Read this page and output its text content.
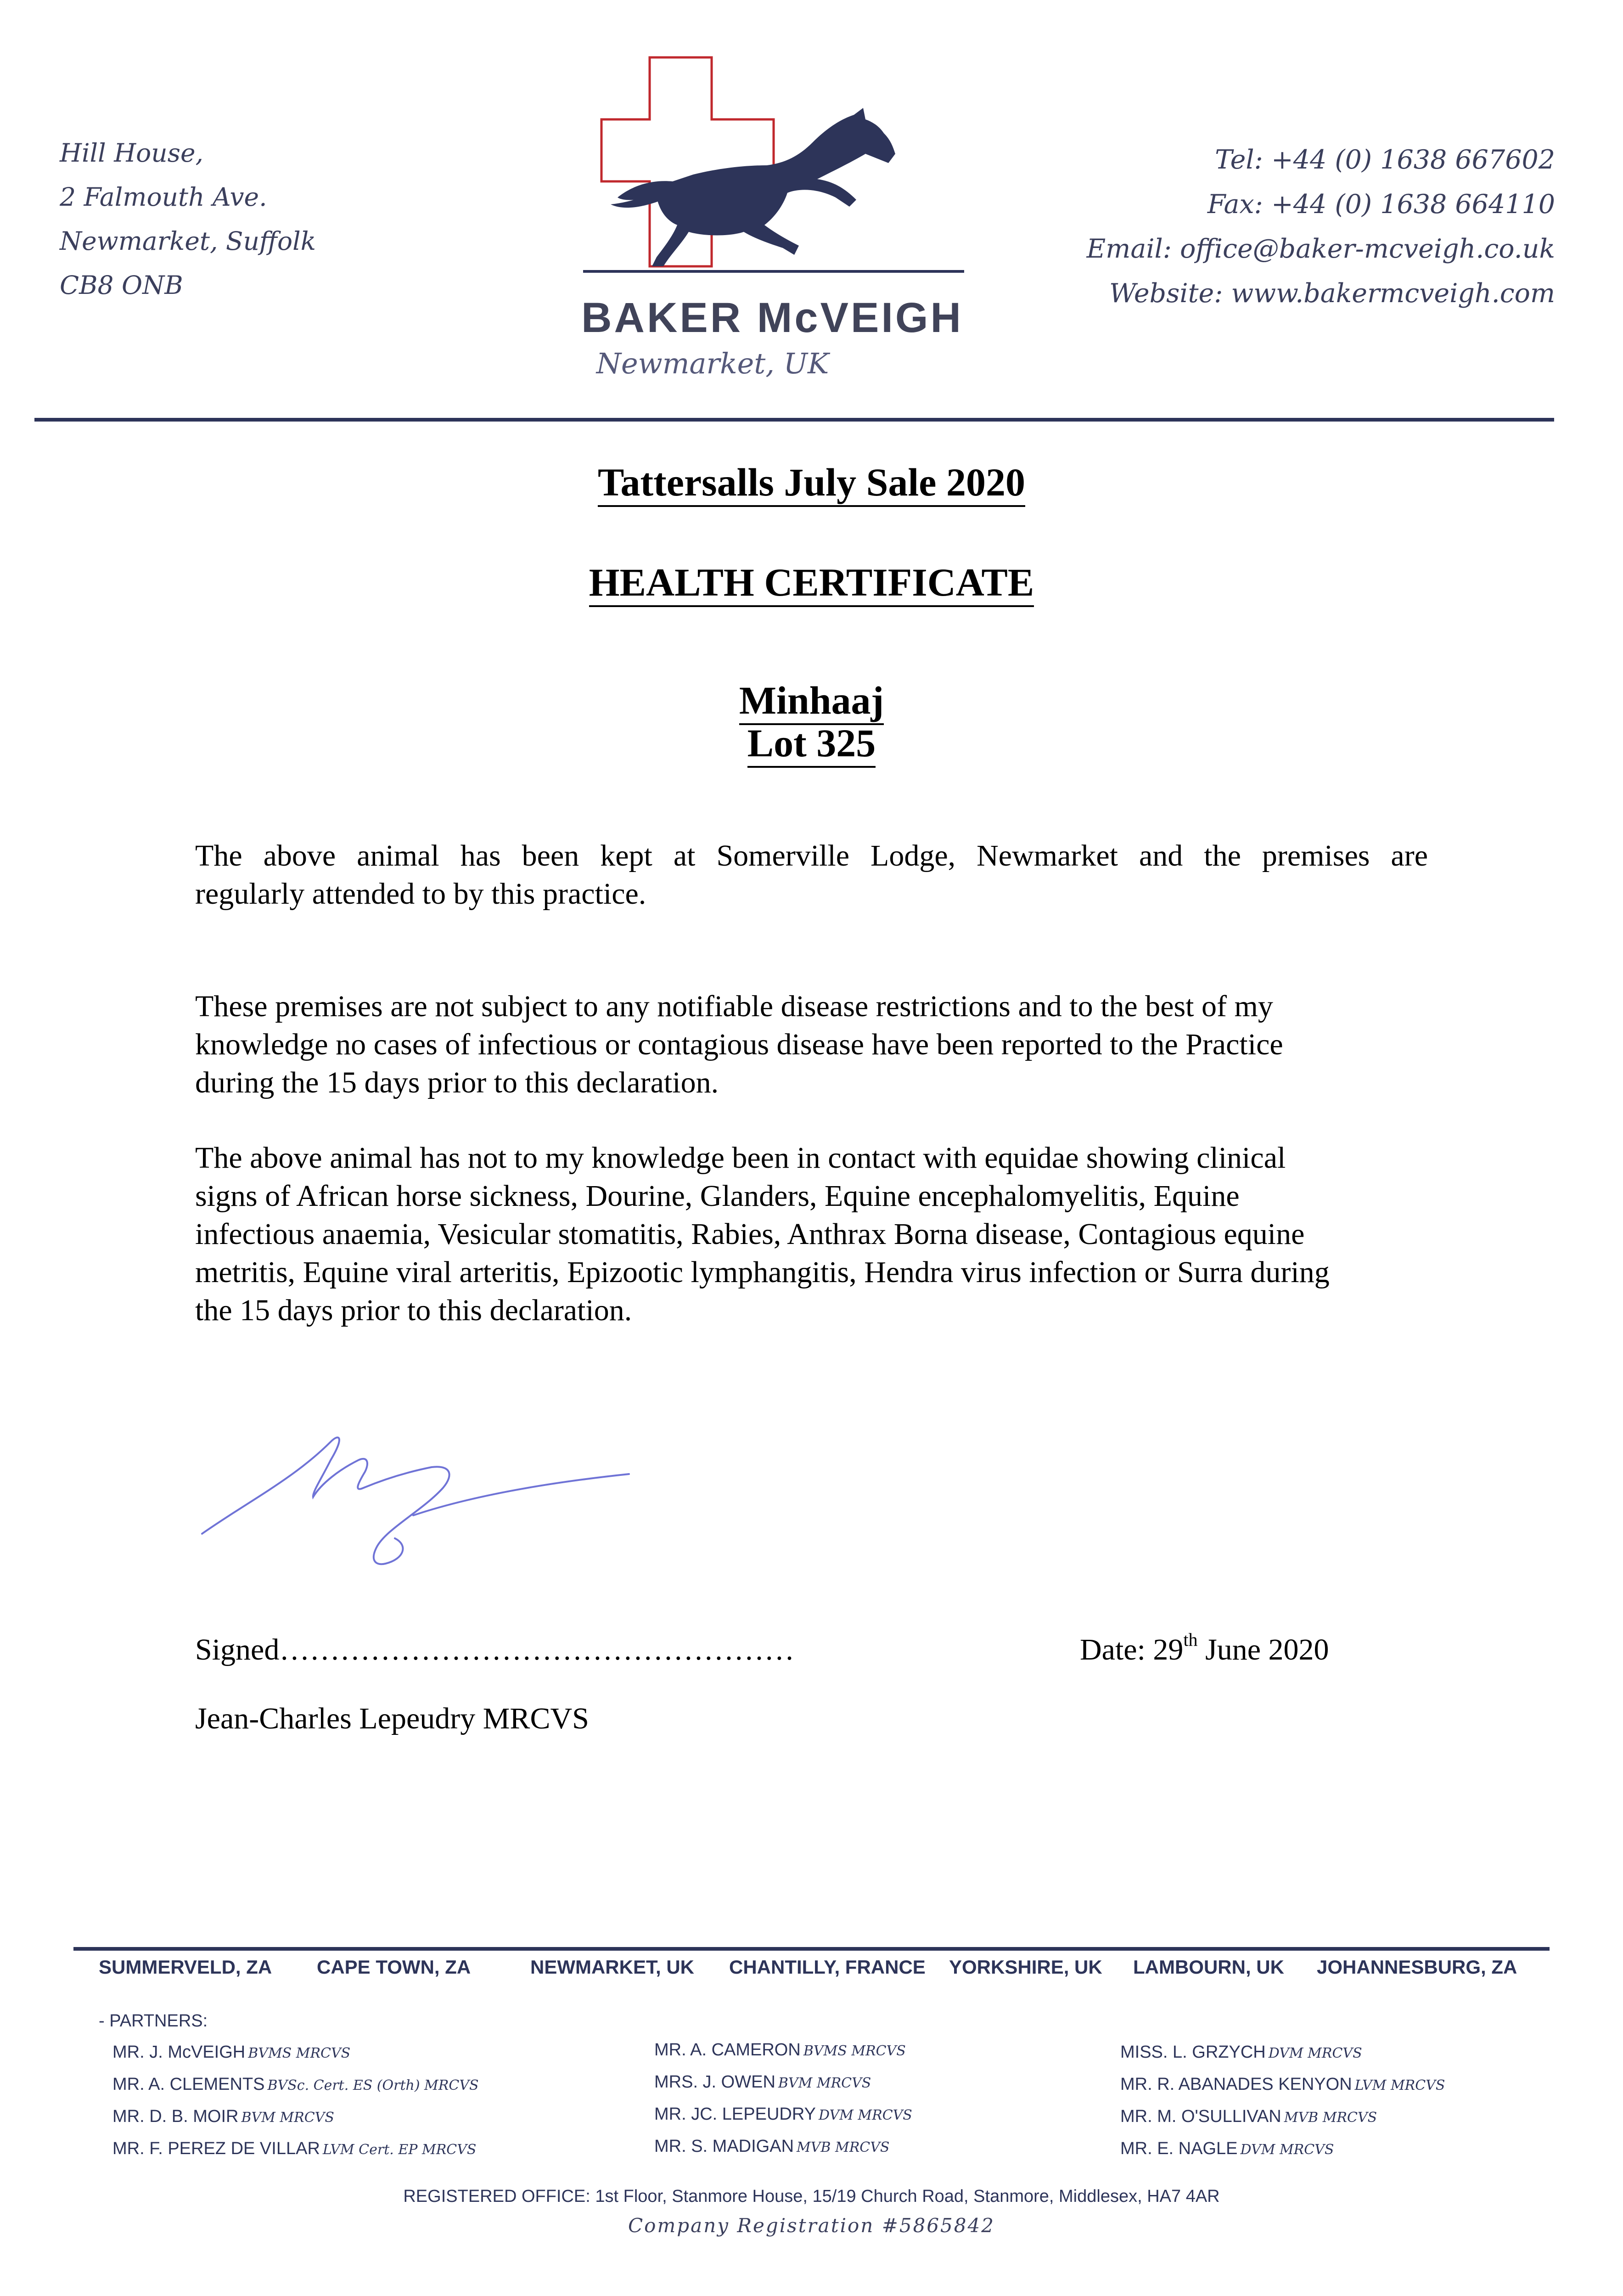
Hill House,
2 Falmouth Ave.
Newmarket, Suffolk
CB8 ONB
BAKER McVEIGH
Newmarket, UK
Tel: +44 (0) 1638 667602
Fax: +44 (0) 1638 664110
Email: office@baker-mcveigh.co.uk
Website: www.bakermcveigh.com
Tattersalls July Sale 2020
HEALTH CERTIFICATE
Minhaaj
Lot 325
The above animal has been kept at Somerville Lodge, Newmarket and the premises are
regularly attended to by this practice.
These premises are not subject to any notifiable disease restrictions and to the best of my
knowledge no cases of infectious or contagious disease have been reported to the Practice
during the 15 days prior to this declaration.
The above animal has not to my knowledge been in contact with equidae showing clinical
signs of African horse sickness, Dourine, Glanders, Equine encephalomyelitis, Equine
infectious anaemia, Vesicular stomatitis, Rabies, Anthrax Borna disease, Contagious equine
metritis, Equine viral arteritis, Epizootic lymphangitis, Hendra virus infection or Surra during
the 15 days prior to this declaration.
Signed……………………………………………	Date: 29th June 2020
Jean-Charles Lepeudry MRCVS
SUMMERVELD, ZA CAPE TOWN, ZA	NEWMARKET, UK CHANTILLY, FRANCE YORKSHIRE, UK LAMBOURN, UK JOHANNESBURG, ZA
- PARTNERS:
MR. J. McVEIGH BVMS MRCVS
MR. A. CLEMENTS BVSc. Cert. ES (Orth) MRCVS
MR. D. B. MOIR BVM MRCVS
MR. F. PEREZ DE VILLAR LVM Cert. EP MRCVS
MR. A. CAMERON BVMS MRCVS
MRS. J. OWEN BVM MRCVS
MR. JC. LEPEUDRY DVM MRCVS
MR. S. MADIGAN MVB MRCVS
MISS. L. GRZYCH DVM MRCVS
MR. R. ABANADES KENYON LVM MRCVS
MR. M. O'SULLIVAN MVB MRCVS
MR. E. NAGLE DVM MRCVS
REGISTERED OFFICE: 1st Floor, Stanmore House, 15/19 Church Road, Stanmore, Middlesex, HA7 4AR
Company Registration #5865842
